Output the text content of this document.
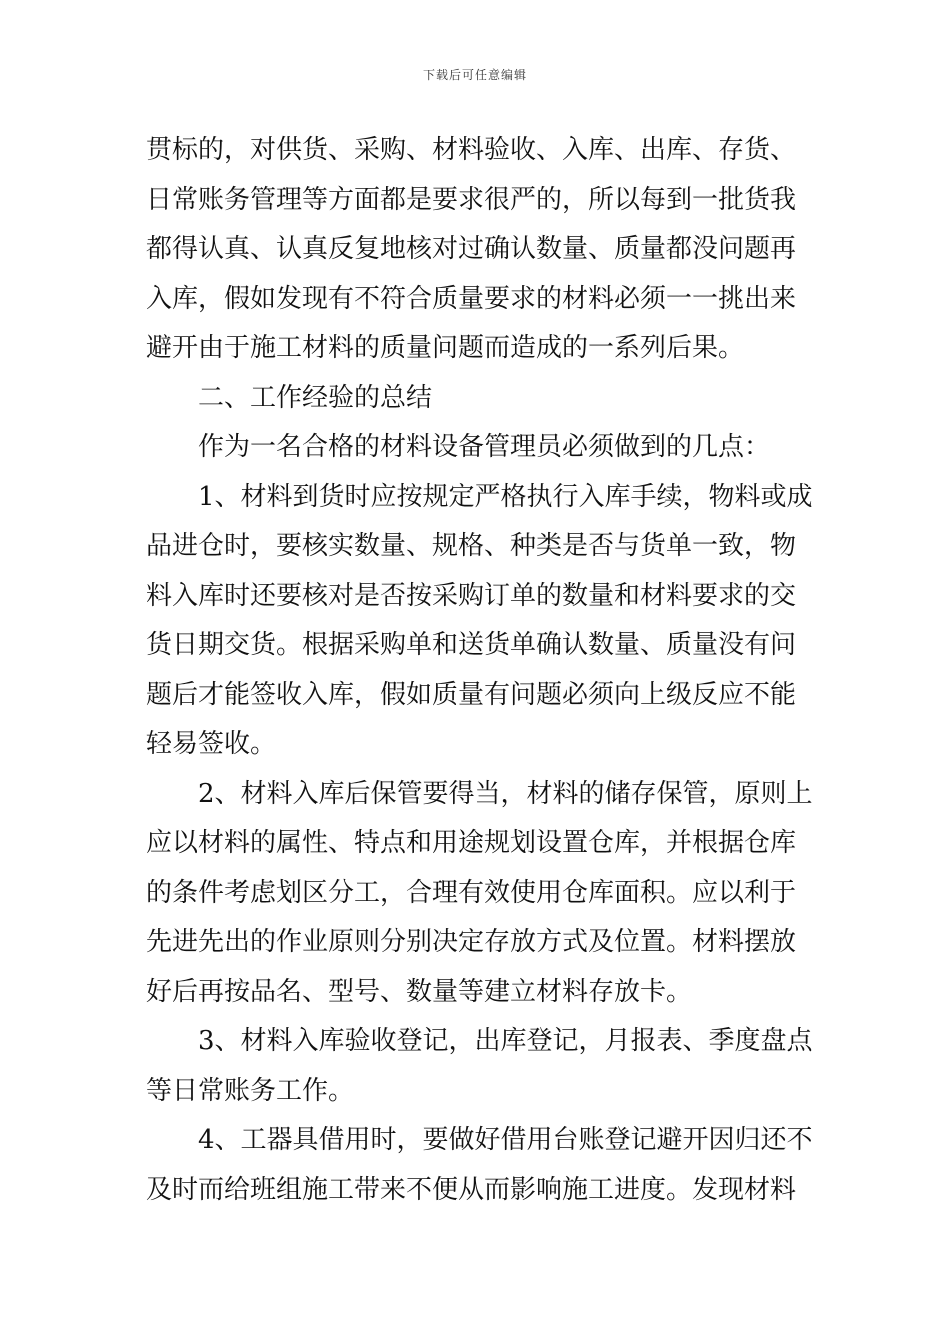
下载后可任意编辑
贯标的，对供货、采购、材料验收、入库、出库、存货、
日常账务管理等方面都是要求很严的，所以每到一批货我
都得认真、认真反复地核对过确认数量、质量都没问题再
入库，假如发现有不符合质量要求的材料必须一一挑出来
避开由于施工材料的质量问题而造成的一系列后果。
二、工作经验的总结
作为一名合格的材料设备管理员必须做到的几点：
1、材料到货时应按规定严格执行入库手续，物料或成
品进仓时，要核实数量、规格、种类是否与货单一致，物
料入库时还要核对是否按采购订单的数量和材料要求的交
货日期交货。根据采购单和送货单确认数量、质量没有问
题后才能签收入库，假如质量有问题必须向上级反应不能
轻易签收。
2、材料入库后保管要得当，材料的储存保管，原则上
应以材料的属性、特点和用途规划设置仓库，并根据仓库
的条件考虑划区分工，合理有效使用仓库面积。应以利于
先进先出的作业原则分别决定存放方式及位置。材料摆放
好后再按品名、型号、数量等建立材料存放卡。
3、材料入库验收登记，出库登记，月报表、季度盘点
等日常账务工作。
4、工器具借用时，要做好借用台账登记避开因归还不
及时而给班组施工带来不便从而影响施工进度。发现材料
